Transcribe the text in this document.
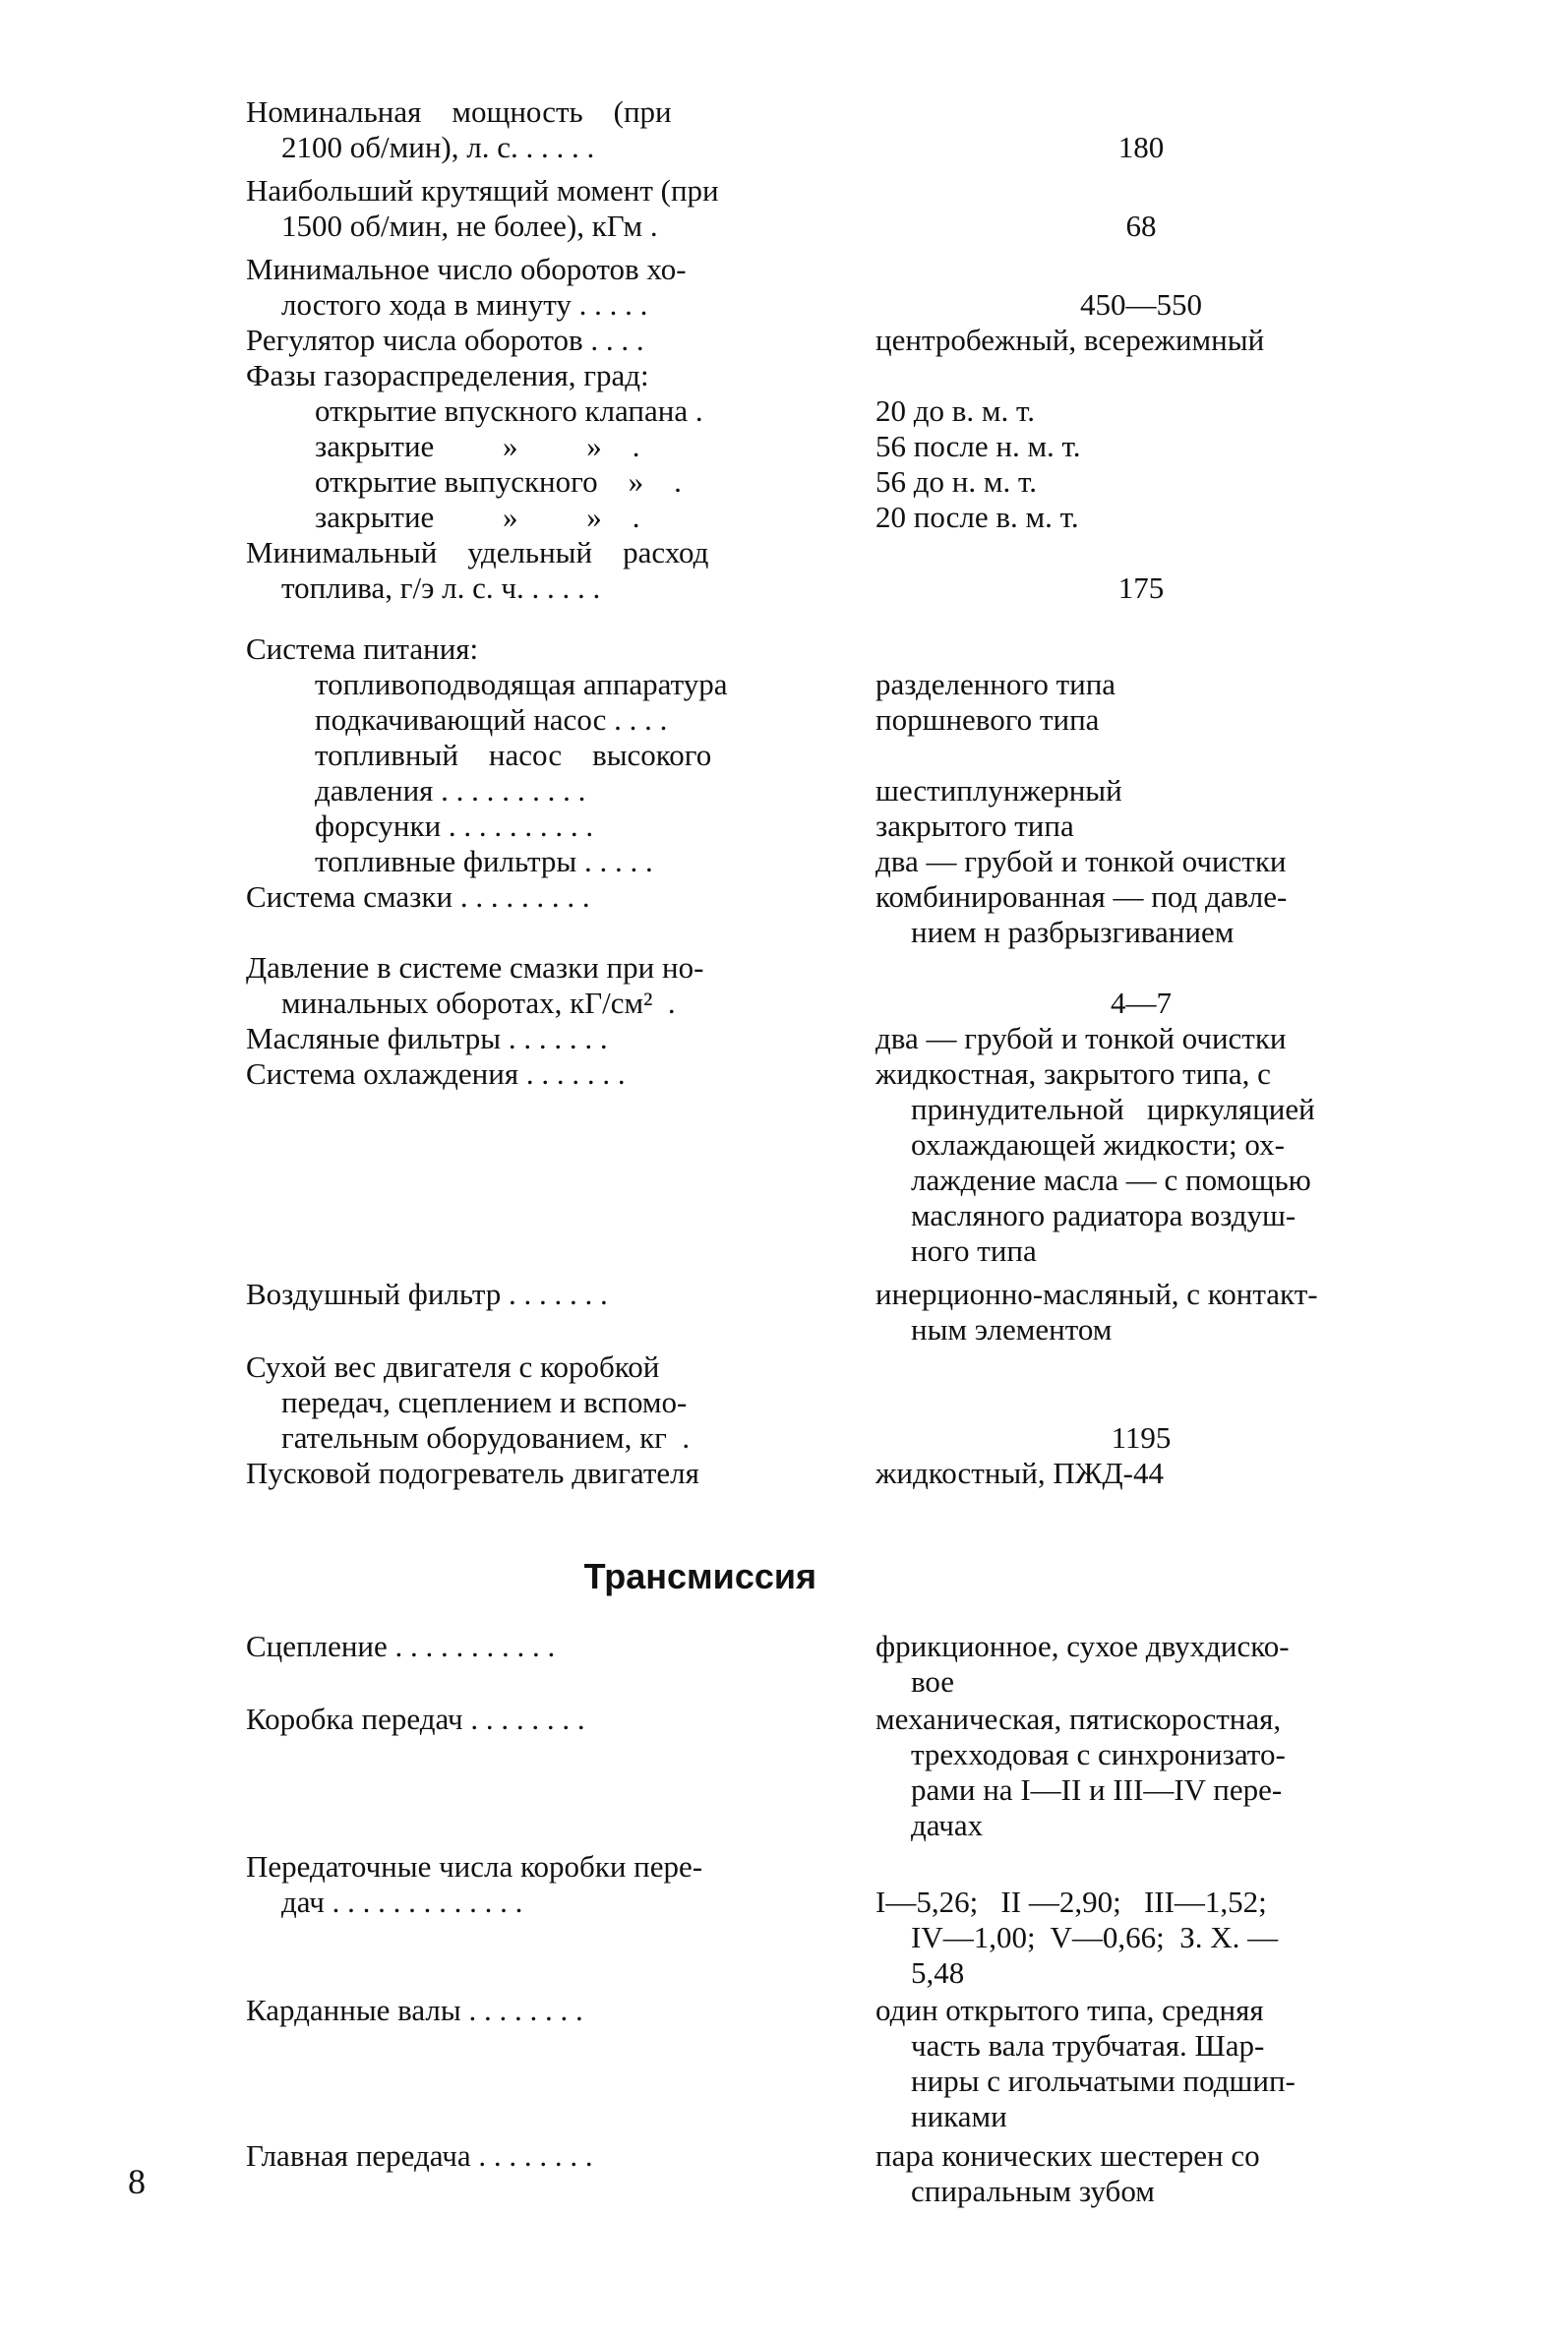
Номинальная    мощность    (при
2100 об/мин), л. с. . . . . .	180
Наибольший крутящий момент (при
1500 об/мин, не более), кГм .	68
Минимальное число оборотов хо-
лостого хода в минуту . . . . .	450—550
Регулятор числа оборотов . . . .	центробежный, всережимный
Фазы газораспределения, град:
открытие впускного клапана .	20 до в. м. т.
закрытие         »         »    .	56 после н. м. т.
открытие выпускного    »    .	56 до н. м. т.
закрытие         »         »    .	20 после в. м. т.
Минимальный    удельный    расход
топлива, г/э л. с. ч. . . . . .	175
Система питания:
топливоподводящая аппаратура	разделенного типа
подкачивающий насос . . . .	поршневого типа
топливный    насос    высокого
давления . . . . . . . . . .	шестиплунжерный
форсунки . . . . . . . . . .	закрытого типа
топливные фильтры . . . . .	два — грубой и тонкой очистки
Система смазки . . . . . . . . .	комбинированная — под давле-
нием н разбрызгиванием
Давление в системе смазки при но-
минальных оборотах, кГ/см²  .	4—7
Масляные фильтры . . . . . . .	два — грубой и тонкой очистки
Система охлаждения . . . . . . .	жидкостная, закрытого типа, с
принудительной   циркуляцией
охлаждающей жидкости; ох-
лаждение масла — с помощью
масляного радиатора воздуш-
ного типа
Воздушный фильтр . . . . . . .	инерционно-масляный, с контакт-
ным элементом
Сухой вес двигателя с коробкой
передач, сцеплением и вспомо-
гательным оборудованием, кг  .	1195
Пусковой подогреватель двигателя	жидкостный, ПЖД-44
Трансмиссия
Сцепление . . . . . . . . . . .	фрикционное, сухое двухдиско-
вое
Коробка передач . . . . . . . .	механическая, пятискоростная,
трехходовая с синхронизато-
рами на I—II и III—IV пере-
дачах
Передаточные числа коробки пере-
дач . . . . . . . . . . . . .	I—5,26;   II —2,90;   III—1,52;
IV—1,00;  V—0,66;  З. Х. —
5,48
Карданные валы . . . . . . . .	один открытого типа, средняя
часть вала трубчатая. Шар-
ниры с игольчатыми подшип-
никами
Главная передача . . . . . . . .	пара конических шестерен со
спиральным зубом
8
